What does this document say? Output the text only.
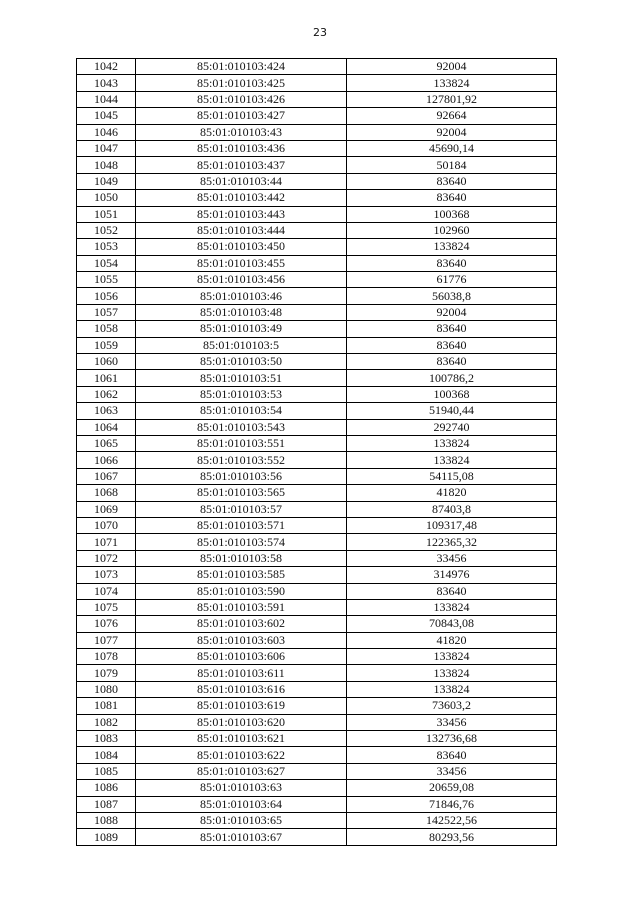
23
1042	85:01:010103:424	92004
1043	85:01:010103:425	133824
1044	85:01:010103:426	127801,92
1045	85:01:010103:427	92664
1046	85:01:010103:43	92004
1047	85:01:010103:436	45690,14
1048	85:01:010103:437	50184
1049	85:01:010103:44	83640
1050	85:01:010103:442	83640
1051	85:01:010103:443	100368
1052	85:01:010103:444	102960
1053	85:01:010103:450	133824
1054	85:01:010103:455	83640
1055	85:01:010103:456	61776
1056	85:01:010103:46	56038,8
1057	85:01:010103:48	92004
1058	85:01:010103:49	83640
1059	85:01:010103:5	83640
1060	85:01:010103:50	83640
1061	85:01:010103:51	100786,2
1062	85:01:010103:53	100368
1063	85:01:010103:54	51940,44
1064	85:01:010103:543	292740
1065	85:01:010103:551	133824
1066	85:01:010103:552	133824
1067	85:01:010103:56	54115,08
1068	85:01:010103:565	41820
1069	85:01:010103:57	87403,8
1070	85:01:010103:571	109317,48
1071	85:01:010103:574	122365,32
1072	85:01:010103:58	33456
1073	85:01:010103:585	314976
1074	85:01:010103:590	83640
1075	85:01:010103:591	133824
1076	85:01:010103:602	70843,08
1077	85:01:010103:603	41820
1078	85:01:010103:606	133824
1079	85:01:010103:611	133824
1080	85:01:010103:616	133824
1081	85:01:010103:619	73603,2
1082	85:01:010103:620	33456
1083	85:01:010103:621	132736,68
1084	85:01:010103:622	83640
1085	85:01:010103:627	33456
1086	85:01:010103:63	20659,08
1087	85:01:010103:64	71846,76
1088	85:01:010103:65	142522,56
1089	85:01:010103:67	80293,56
